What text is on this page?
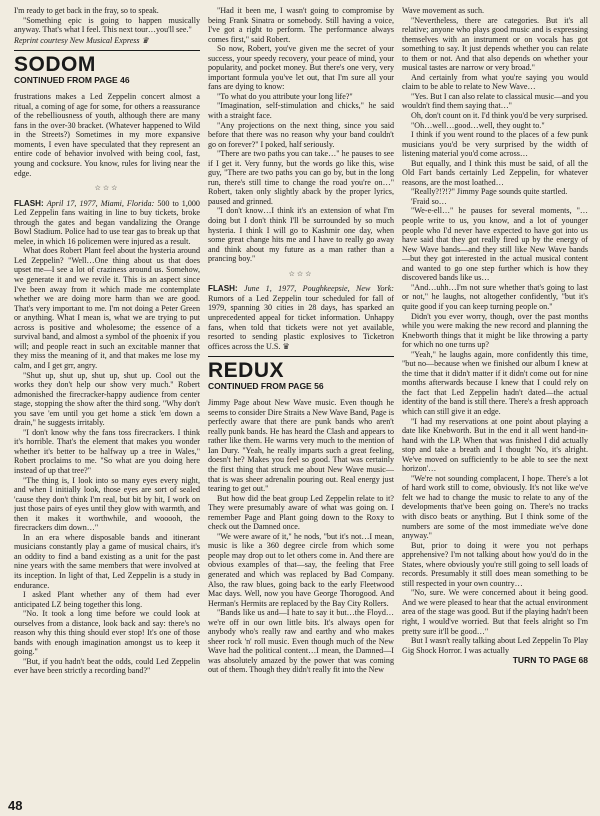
I'm ready to get back in the fray, so to speak.

"Something epic is going to happen musically anyway. That's what I feel. This next tour…you'll see."

Reprint courtesy New Musical Express ♛

SODOM
CONTINUED FROM PAGE 46

frustrations makes a Led Zeppelin concert almost a ritual, a coming of age for some, for others a reassurance of the rebelliousness of youth, although there are many fans in the over-30 bracket. (Whatever happened to Wild in the Streets?) Sometimes in my more expansive moments, I even have speculated that they represent an entire code of behavior involved with being cool, fast, young and cocksure. You know, rules for living near the edge.

☆☆☆

FLASH: April 17, 1977, Miami, Florida: 500 to 1,000 Led Zeppelin fans waiting in line to buy tickets, broke through the gates and began vandalizing the Orange Bowl Stadium. Police had to use tear gas to break up that melee, in which 16 policemen were injured as a result.

What does Robert Plant feel about the hysteria around Led Zeppelin? "Well…One thing about us that does upset me—I see a lot of craziness around us. Somehow, we generate it and we revile it. This is an aspect since I've been away from it which made me contemplate whether we are doing more harm than we are good. That's very important to me. I'm not doing a Peter Green or anything. What I mean is, what we are trying to put across is positive and wholesome; the essence of a survival band, and almost a symbol of the phoenix if you will; and people react in such an excitable manner that they miss the meaning of it, and that makes me lose my calm, and I get grr, angry.

"Shut up, shut up, shut up, shut up. Cool out the works they don't help our show very much." Robert admonished the firecracker-happy audience from center stage, stopping the show after the third song. "Why don't you save 'em until you get home a stick 'em down a drain," he suggests irritably.

"I don't know why the fans toss firecrackers. I think it's horrible. That's the element that makes you wonder whether it's better to be halfway up a tree in Wales," Robert proclaims to me. "So what are you doing here instead of up that tree?"

"The thing is, I look into so many eyes every night, and when I initially look, those eyes are sort of sealed 'cause they don't think I'm real, but bit by bit, I work on just those pairs of eyes until they glow with warmth, and then it makes it worthwhile, and wooooh, the firecrackers dim down…"

In an era where disposable bands and itinerant musicians constantly play a game of musical chairs, it's an oddity to find a band existing as a unit for the past nine years with the same members that were involved at its inception. In light of that, Led Zeppelin is a study in endurance.

I asked Plant whether any of them had ever anticipated LZ being together this long.

"No. It took a long time before we could look at ourselves from a distance, look back and say: there's no reason why this thing should ever stop! It's one of those bands with enough imagination amongst us to keep it going."

"But, if you hadn't beat the odds, could Led Zeppelin ever have been strictly a recording band?"

"Had it been me, I wasn't going to compromise by being Frank Sinatra or somebody. Still having a voice, I've got a right to perform. The performance always comes first," said Robert.

So now, Robert, you've given me the secret of your success, your speedy recovery, your peace of mind, your popularity, and pocket money. But there's one very, very important formula you've let out, that I'm sure all your fans are dying to know:

"To what do you attribute your long life?"

"Imagination, self-stimulation and chicks," he said with a straight face.

"Any projections on the next thing, since you said before that there was no reason why your band couldn't go on forever?" I poked, half seriously.

"There are two paths you can take…" he pauses to see if I get it. Very funny, but the words go like this, wise guy, "There are two paths you can go by, but in the long run, there's still time to change the road you're on…" Robert, taken only slightly aback by the proper lyrics, paused and grinned.

"I don't know…I think it's an extension of what I'm doing but I don't think I'll be surrounded by so much hysteria. I think I will go to Kashmir one day, when some great change hits me and I have to really go away and think about my future as a man rather than a prancing boy."

☆☆☆

FLASH: June 1, 1977, Poughkeepsie, New York: Rumors of a Led Zeppelin tour scheduled for fall of 1979, spanning 30 cities in 28 days, has sparked an unprecedented appeal for ticket information. Unhappy fans, when told that tickets were not yet available, resorted to sending plastic explosives to Ticketron offices across the U.S. ♛

REDUX
CONTINUED FROM PAGE 56

Jimmy Page about New Wave music. Even though he seems to consider Dire Straits a New Wave Band, Page is perfectly aware that there are punk bands who aren't really punk bands. He has heard the Clash and appears to rather like them. He warms very much to the mention of Ian Dury. "Yeah, he really imparts such a great feeling, doesn't he? Makes you feel so good. That was certainly the first thing that struck me about New Wave music—that is was sheer adrenalin pouring out. Real energy just tearing to get out."

But how did the beat group Led Zeppelin relate to it? They were presumably aware of what was going on. I remember Page and Plant going down to the Roxy to check out the Damned once.

"We were aware of it," he nods, "but it's not…I mean, music is like a 360 degree circle from which some people may drop out to let others come in. And there are obvious examples of that—say, the feeling that Free generated and which was replaced by Bad Company. Also, the raw blues, going back to the early Fleetwood Mac days. Well, now you have George Thorogood. And Herman's Hermits are replaced by the Bay City Rollers.

"Bands like us and—I hate to say it but…the Floyd…we're off in our own little bits. It's always open for anybody who's really raw and earthy and who makes sheer rock 'n' roll music. Even though much of the New Wave had the political content…I mean, the Damned—I was absolutely amazed by the power that was coming out of them. Though they didn't really fit into the New

Wave movement as such.

"Nevertheless, there are categories. But it's all relative; anyone who plays good music and is expressing themselves with an instrument or on vocals has got something to say. It just depends whether you can relate to them or not. And that also depends on whether your musical tastes are narrow or very broad."

And certainly from what you're saying you would claim to be able to relate to New Wave…

"Yes. But I can also relate to classical music—and you wouldn't find them saying that…"

Oh, don't count on it. I'd think you'd be very surprised.

"Oh…well…good…well, they ought to."

I think if you went round to the places of a few punk musicians you'd be very surprised by the width of listening material you'd come across…

But equally, and I think this must be said, of all the Old Fart bands certainly Led Zeppelin, for whatever reasons, are the most loathed…

"Really?!?!?" Jimmy Page sounds quite startled.

'Fraid so…

"We-e-ell…" he pauses for several moments, "…people write to us, you know, and a lot of younger people who I'd never have expected to have got into us have said that they got really fired up by the energy of New Wave bands—and they still like New Wave bands—but they got interested in the actual musical content and wanted to go one step further which is how they discovered bands like us…

"And…uhh…I'm not sure whether that's going to last or not," he laughs, not altogether confidently, "but it's quite good if you can keep turning people on."

Didn't you ever worry, though, over the past months while you were making the new record and planning the Knebworth things that it might be like throwing a party for which no one turns up?

"Yeah," he laughs again, more confidently this time, "but no—because when we finished our album I knew at the time that it didn't matter if it didn't come out for nine months afterwards because I knew that I could rely on the fact that Led Zeppelin hadn't dated—the actual identity of the band is still there. There's a fresh approach which can still give it an edge.

"I had my reservations at one point about playing a date like Knebworth. But in the end it all went hand-in-hand with the LP. When that was finished I did actually stop and take a breath and I thought 'No, it's alright. We've moved on sufficiently to be able to see the next horizon'…

"We're not sounding complacent, I hope. There's a lot of hard work still to come, obviously. It's not like we've felt we had to change the music to relate to any of the developments that've been going on. There's no tracks with disco beats or anything. But I think some of the numbers are some of the most immediate we've done anyway."

But, prior to doing it were you not perhaps apprehensive? I'm not talking about how you'd do in the States, where obviously you're still going to sell loads of records. Presumably it still does mean something to be still respected in your own country…

"No, sure. We were concerned about it being good. And we were pleased to hear that the actual environment area of the stage was good. But if the playing hadn't been right, I would've worried. But that feels alright so I'm pretty sure it'll be good…"

But I wasn't really talking about Led Zeppelin To Play Gig Shock Horror. I was actually

TURN TO PAGE 68
48
